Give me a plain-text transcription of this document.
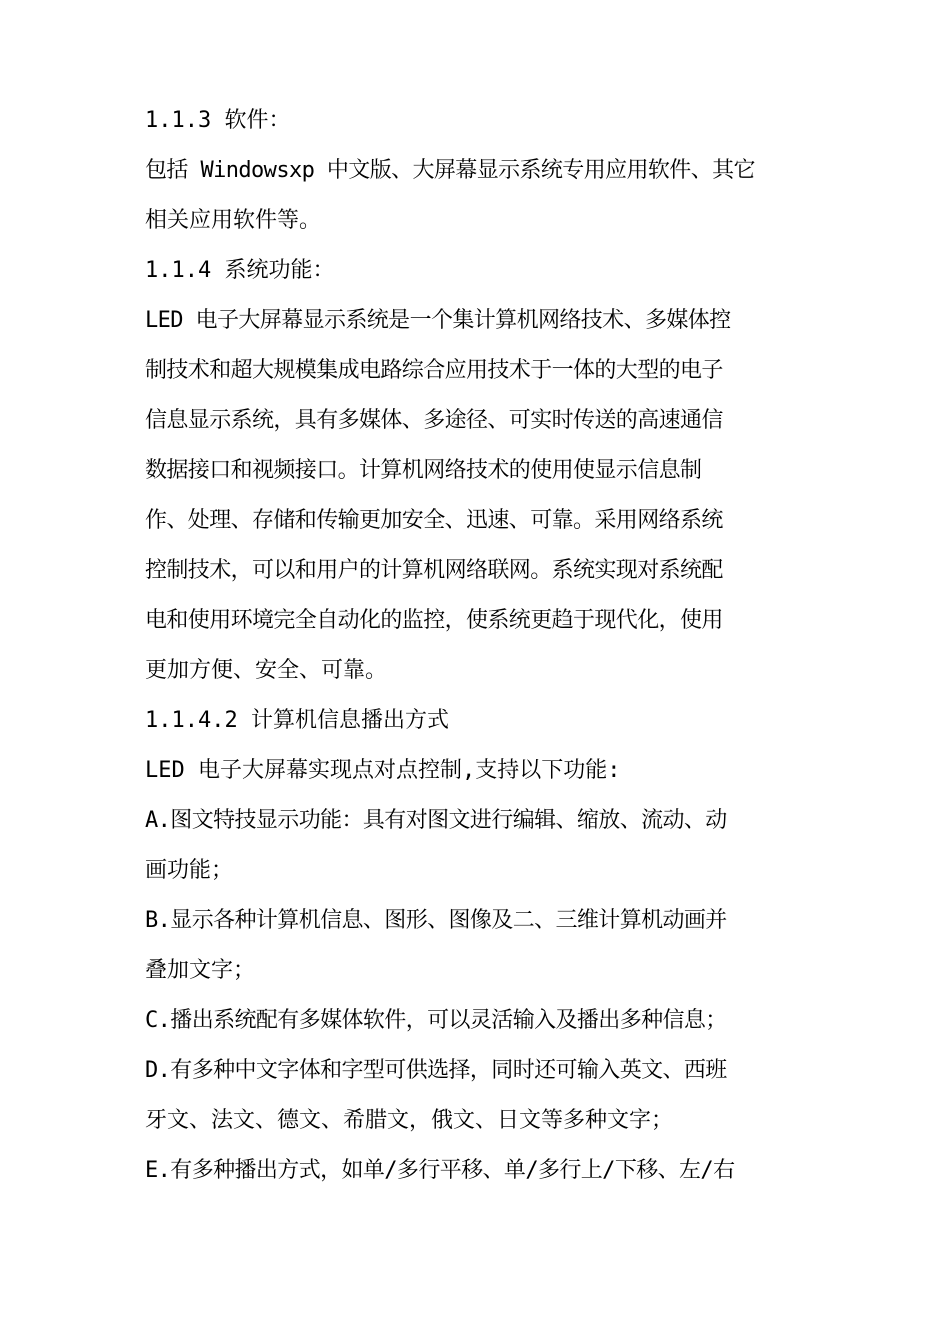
1.1.3 软件：
包括 Windowsxp 中文版、大屏幕显示系统专用应用软件、其它
相关应用软件等。
1.1.4 系统功能：
LED 电子大屏幕显示系统是一个集计算机网络技术、多媒体控
制技术和超大规模集成电路综合应用技术于一体的大型的电子
信息显示系统，具有多媒体、多途径、可实时传送的高速通信
数据接口和视频接口。计算机网络技术的使用使显示信息制
作、处理、存储和传输更加安全、迅速、可靠。采用网络系统
控制技术，可以和用户的计算机网络联网。系统实现对系统配
电和使用环境完全自动化的监控，使系统更趋于现代化，使用
更加方便、安全、可靠。
1.1.4.2 计算机信息播出方式
LED 电子大屏幕实现点对点控制,支持以下功能:
A.图文特技显示功能：具有对图文进行编辑、缩放、流动、动
画功能；
B.显示各种计算机信息、图形、图像及二、三维计算机动画并
叠加文字；
C.播出系统配有多媒体软件，可以灵活输入及播出多种信息；
D.有多种中文字体和字型可供选择，同时还可输入英文、西班
牙文、法文、德文、希腊文，俄文、日文等多种文字；
E.有多种播出方式，如单/多行平移、单/多行上/下移、左/右
